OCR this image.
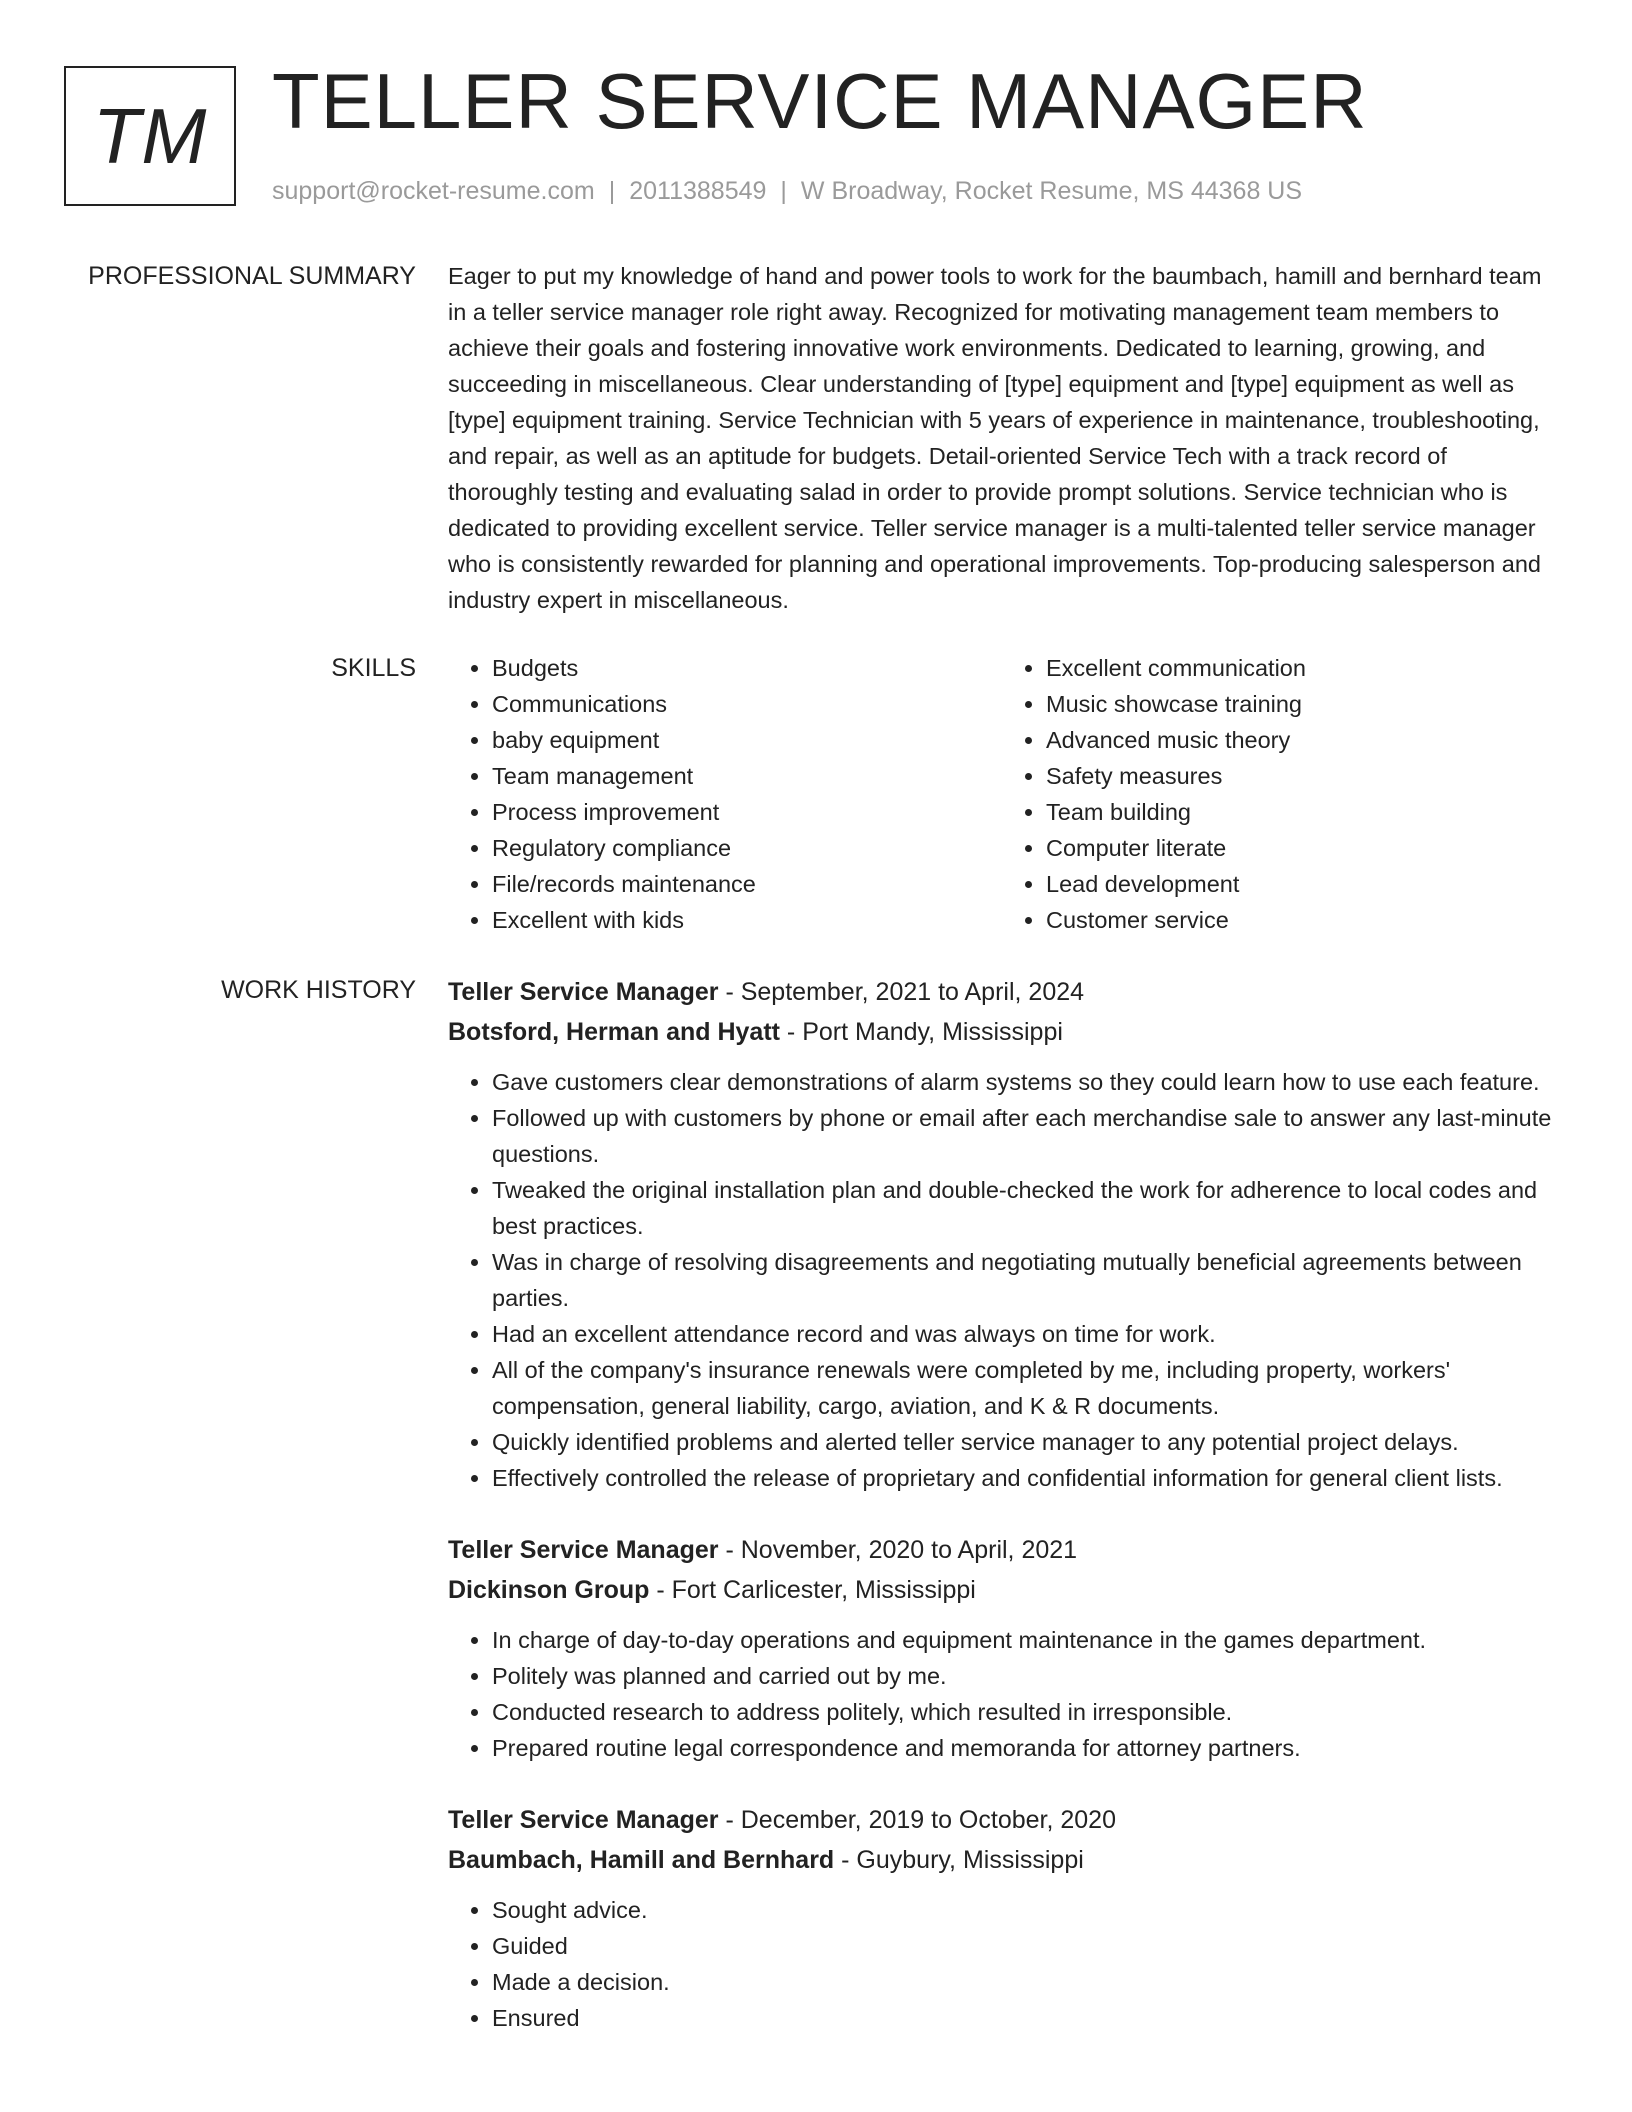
TM TELLER SERVICE MANAGER
support@rocket-resume.com | 2011388549 | W Broadway, Rocket Resume, MS 44368 US
PROFESSIONAL SUMMARY Eager to put my knowledge of hand and power tools to work for the baumbach, hamill and bernhard team in a teller service manager role right away. Recognized for motivating management team members to achieve their goals and fostering innovative work environments. Dedicated to learning, growing, and succeeding in miscellaneous. Clear understanding of [type] equipment and [type] equipment as well as [type] equipment training. Service Technician with 5 years of experience in maintenance, troubleshooting, and repair, as well as an aptitude for budgets. Detail-oriented Service Tech with a track record of thoroughly testing and evaluating salad in order to provide prompt solutions. Service technician who is dedicated to providing excellent service. Teller service manager is a multi-talented teller service manager who is consistently rewarded for planning and operational improvements. Top-producing salesperson and industry expert in miscellaneous.

SKILLS
•	Budgets
• Communications
• baby equipment
• Team management
• Process improvement
• Regulatory compliance
• File/records maintenance
• Excellent with kids
• Excellent communication
• Music showcase training
• Advanced music theory
• Safety measures
• Team building
• Computer literate
• Lead development
• Customer service
WORK HISTORY Teller Service Manager - September, 2021 to April, 2024

Botsford, Herman and Hyatt - Port Mandy, Mississippi

• Gave customers clear demonstrations of alarm systems so they could learn how to use each feature.
• Followed up with customers by phone or email after each merchandise sale to answer any last-minute questions.
• Tweaked the original installation plan and double-checked the work for adherence to local codes and best practices.
• Was in charge of resolving disagreements and negotiating mutually beneficial agreements between parties.
• Had an excellent attendance record and was always on time for work.
• All of the company's insurance renewals were completed by me, including property, workers' compensation, general liability, cargo, aviation, and K & R documents.
• Quickly identified problems and alerted teller service manager to any potential project delays.
• Effectively controlled the release of proprietary and confidential information for general client lists.

Teller Service Manager - November, 2020 to April, 2021

Dickinson Group - Fort Carlicester, Mississippi

• In charge of day-to-day operations and equipment maintenance in the games department.
• Politely was planned and carried out by me.
• Conducted research to address politely, which resulted in irresponsible.
• Prepared routine legal correspondence and memoranda for attorney partners.

Teller Service Manager - December, 2019 to October, 2020

Baumbach, Hamill and Bernhard - Guybury, Mississippi

• Sought advice.
• Guided
• Made a decision.
• Ensured
